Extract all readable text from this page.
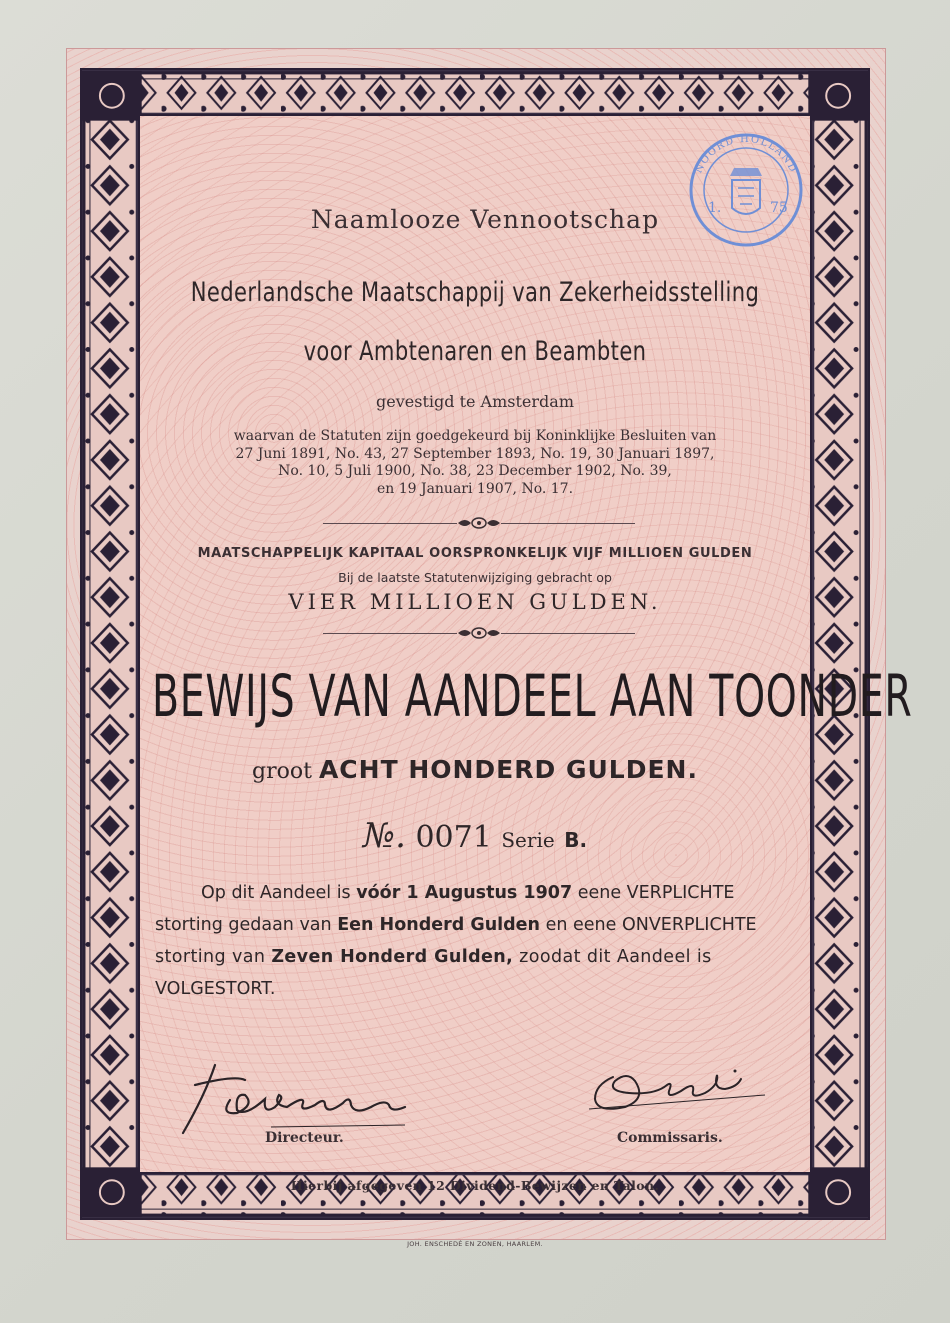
NOORD HOLLAND
1.	75
Naamlooze Vennootschap
Nederlandsche Maatschappij van Zekerheidsstelling
voor Ambtenaren en Beambten
gevestigd te Amsterdam
waarvan de Statuten zijn goedgekeurd bij Koninklijke Besluiten van
27 Juni 1891, No. 43, 27 September 1893, No. 19, 30 Januari 1897,
No. 10, 5 Juli 1900, No. 38, 23 December 1902, No. 39,
en 19 Januari 1907, No. 17.
MAATSCHAPPELIJK KAPITAAL OORSPRONKELIJK VIJF MILLIOEN GULDEN
Bij de laatste Statutenwijziging gebracht op
VIER MILLIOEN GULDEN.
BEWIJS VAN AANDEEL AAN TOONDER
groot ACHT HONDERD GULDEN.
№. 0071 Serie B.
Op dit Aandeel is vóór 1 Augustus 1907 eene VERPLICHTE
storting gedaan van Een Honderd Gulden en eene ONVERPLICHTE
storting van Zeven Honderd Gulden, zoodat dit Aandeel is
VOLGESTORT.
Directeur.	Commissaris.
Hierbij afgegeven 12 Dividend-Bewijzen en Talon.
JOH. ENSCHEDÉ EN ZONEN, HAARLEM.
